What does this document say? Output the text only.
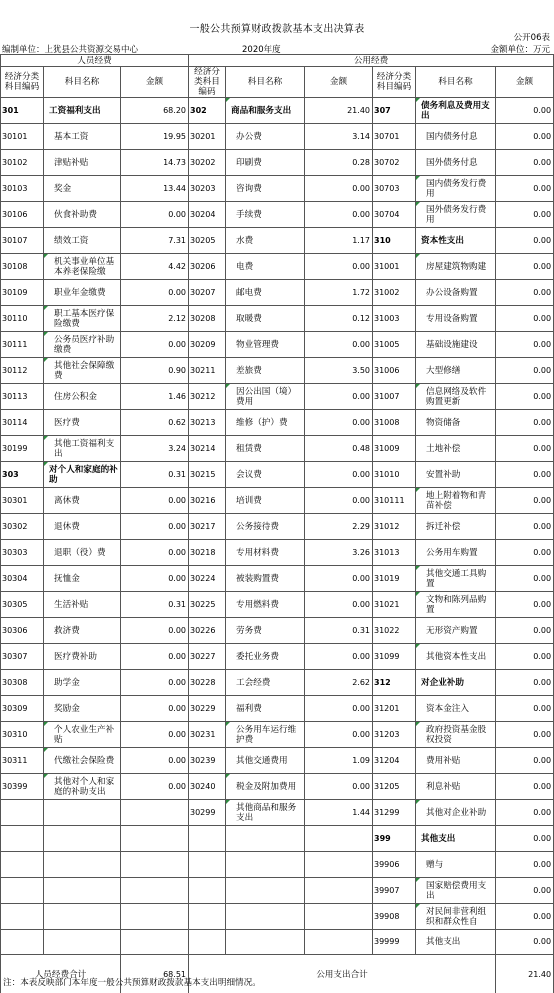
一般公共预算财政拨款基本支出决算表
公开06表
编制单位：上犹县公共资源交易中心	2020年度	金额单位：万元
人员经费			公用经费					
经济分类科目编码	科目名称	金额	经济分类科目编码	科目名称	金额	经济分类科目编码	科目名称	金额
301	工资福利支出	68.20	302	商品和服务支出	21.40	307	债务利息及费用支出	0.00
30101	基本工资	19.95	30201	办公费	3.14	30701	国内债务付息	0.00
30102	津贴补贴	14.73	30202	印刷费	0.28	30702	国外债务付息	0.00
30103	奖金	13.44	30203	咨询费	0.00	30703	国内债务发行费用	0.00
30106	伙食补助费	0.00	30204	手续费	0.00	30704	国外债务发行费用	0.00
30107	绩效工资	7.31	30205	水费	1.17	310	资本性支出	0.00
30108	机关事业单位基本养老保险缴	4.42	30206	电费	0.00	31001	房屋建筑物购建	0.00
30109	职业年金缴费	0.00	30207	邮电费	1.72	31002	办公设备购置	0.00
30110	职工基本医疗保险缴费	2.12	30208	取暖费	0.12	31003	专用设备购置	0.00
30111	公务员医疗补助缴费	0.00	30209	物业管理费	0.00	31005	基础设施建设	0.00
30112	其他社会保障缴费	0.90	30211	差旅费	3.50	31006	大型修缮	0.00
30113	住房公积金	1.46	30212	因公出国（境）费用	0.00	31007	信息网络及软件购置更新	0.00
30114	医疗费	0.62	30213	维修（护）费	0.00	31008	物资储备	0.00
30199	其他工资福利支出	3.24	30214	租赁费	0.48	31009	土地补偿	0.00
303	对个人和家庭的补助	0.31	30215	会议费	0.00	31010	安置补助	0.00
30301	离休费	0.00	30216	培训费	0.00	310111	地上附着物和青苗补偿	0.00
30302	退休费	0.00	30217	公务接待费	2.29	31012	拆迁补偿	0.00
30303	退职（役）费	0.00	30218	专用材料费	3.26	31013	公务用车购置	0.00
30304	抚恤金	0.00	30224	被装购置费	0.00	31019	其他交通工具购置	0.00
30305	生活补贴	0.31	30225	专用燃料费	0.00	31021	文物和陈列品购置	0.00
30306	救济费	0.00	30226	劳务费	0.31	31022	无形资产购置	0.00
30307	医疗费补助	0.00	30227	委托业务费	0.00	31099	其他资本性支出	0.00
30308	助学金	0.00	30228	工会经费	2.62	312	对企业补助	0.00
30309	奖励金	0.00	30229	福利费	0.00	31201	资本金注入	0.00
30310	个人农业生产补贴	0.00	30231	公务用车运行维护费	0.00	31203	政府投资基金股权投资	0.00
30311	代缴社会保险费	0.00	30239	其他交通费用	1.09	31204	费用补贴	0.00
30399	其他对个人和家庭的补助支出	0.00	30240	税金及附加费用	0.00	31205	利息补贴	0.00
			30299	其他商品和服务支出	1.44	31299	其他对企业补助	0.00
						399	其他支出	0.00
						39906	赠与	0.00
						39907	国家赔偿费用支出	0.00
						39908	对民间非营利组织和群众性自	0.00
						39999	其他支出	0.00
人员经费合计		68.51	公用支出合计					21.40
注：本表反映部门本年度一般公共预算财政拨款基本支出明细情况。
